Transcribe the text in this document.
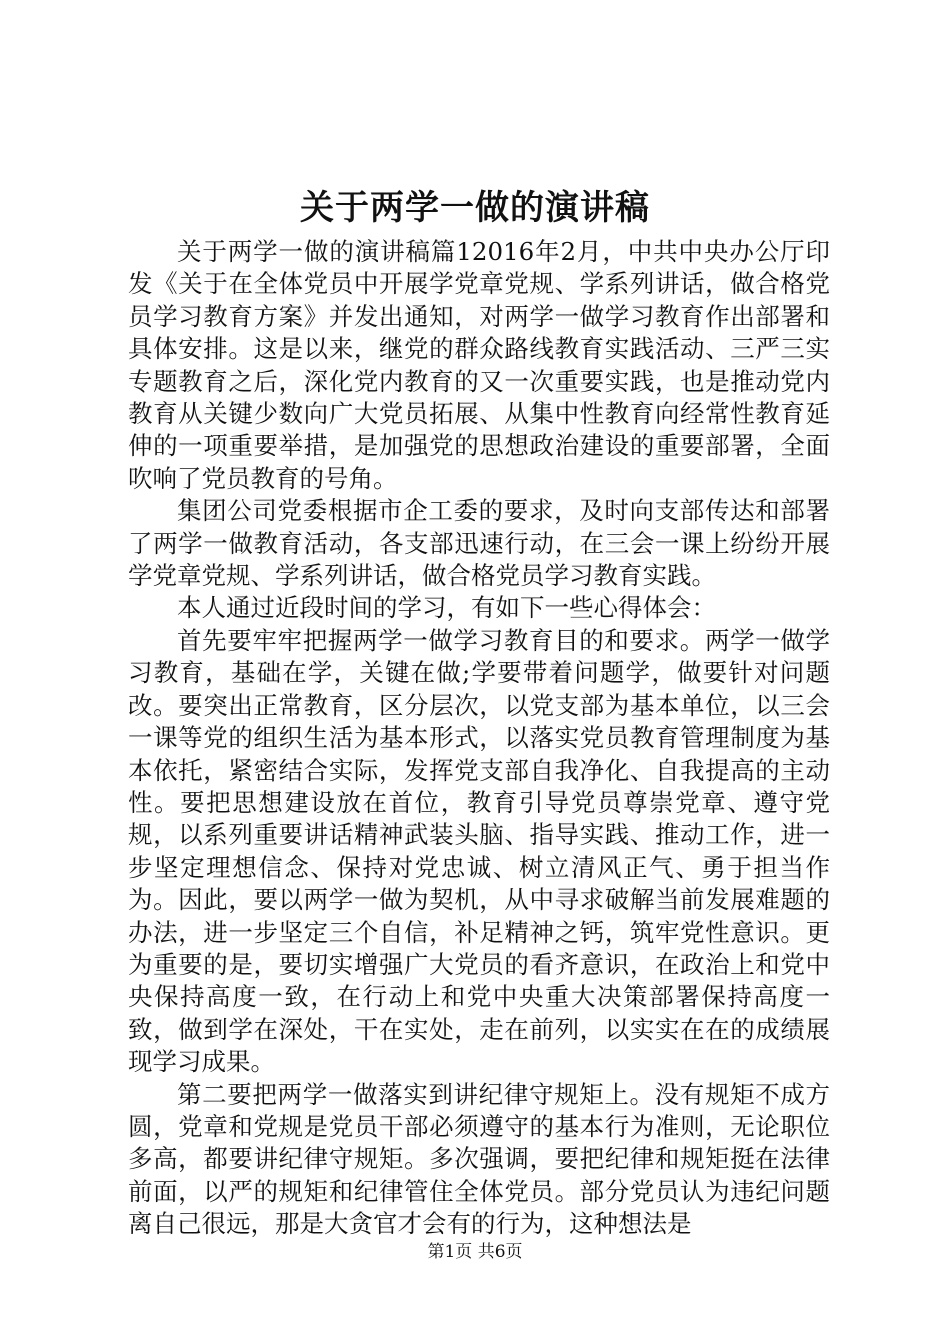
关于两学一做的演讲稿

关于两学一做的演讲稿篇12016年2月，中共中央办公厅印发《关于在全体党员中开展学党章党规、学系列讲话，做合格党员学习教育方案》并发出通知，对两学一做学习教育作出部署和具体安排。这是以来，继党的群众路线教育实践活动、三严三实专题教育之后，深化党内教育的又一次重要实践，也是推动党内教育从关键少数向广大党员拓展、从集中性教育向经常性教育延伸的一项重要举措，是加强党的思想政治建设的重要部署，全面吹响了党员教育的号角。

集团公司党委根据市企工委的要求，及时向支部传达和部署了两学一做教育活动，各支部迅速行动，在三会一课上纷纷开展学党章党规、学系列讲话，做合格党员学习教育实践。

本人通过近段时间的学习，有如下一些心得体会：

首先要牢牢把握两学一做学习教育目的和要求。两学一做学习教育，基础在学，关键在做;学要带着问题学，做要针对问题改。要突出正常教育，区分层次，以党支部为基本单位，以三会一课等党的组织生活为基本形式，以落实党员教育管理制度为基本依托，紧密结合实际，发挥党支部自我净化、自我提高的主动性。要把思想建设放在首位，教育引导党员尊崇党章、遵守党规，以系列重要讲话精神武装头脑、指导实践、推动工作，进一步坚定理想信念、保持对党忠诚、树立清风正气、勇于担当作为。因此，要以两学一做为契机，从中寻求破解当前发展难题的办法，进一步坚定三个自信，补足精神之钙，筑牢党性意识。更为重要的是，要切实增强广大党员的看齐意识，在政治上和党中央保持高度一致，在行动上和党中央重大决策部署保持高度一致，做到学在深处，干在实处，走在前列，以实实在在的成绩展现学习成果。

第二要把两学一做落实到讲纪律守规矩上。没有规矩不成方圆，党章和党规是党员干部必须遵守的基本行为准则，无论职位多高，都要讲纪律守规矩。多次强调，要把纪律和规矩挺在法律前面，以严的规矩和纪律管住全体党员。部分党员认为违纪问题离自己很远，那是大贪官才会有的行为，这种想法是

第1页 共6页
